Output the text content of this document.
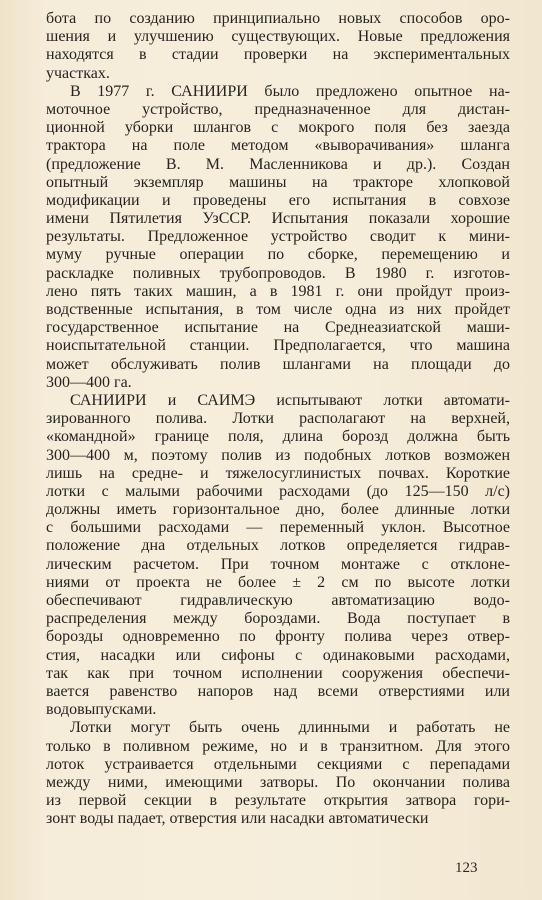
бота по созданию принципиально новых способов оро-
шения и улучшению существующих. Новые предложения
находятся в стадии проверки на экспериментальных
участках.
В 1977 г. САНИИРИ было предложено опытное на-
моточное устройство, предназначенное для дистан-
ционной уборки шлангов с мокрого поля без заезда
трактора на поле методом «выворачивания» шланга
(предложение В. М. Масленникова и др.). Создан
опытный экземпляр машины на тракторе хлопковой
модификации и проведены его испытания в совхозе
имени Пятилетия УзССР. Испытания показали хорошие
результаты. Предложенное устройство сводит к мини-
муму ручные операции по сборке, перемещению и
раскладке поливных трубопроводов. В 1980 г. изготов-
лено пять таких машин, а в 1981 г. они пройдут произ-
водственные испытания, в том числе одна из них пройдет
государственное испытание на Среднеазиатской маши-
ноиспытательной станции. Предполагается, что машина
может обслуживать полив шлангами на площади до
300—400 га.
САНИИРИ и САИМЭ испытывают лотки автомати-
зированного полива. Лотки располагают на верхней,
«командной» границе поля, длина борозд должна быть
300—400 м, поэтому полив из подобных лотков возможен
лишь на средне- и тяжелосуглинистых почвах. Короткие
лотки с малыми рабочими расходами (до 125—150 л/с)
должны иметь горизонтальное дно, более длинные лотки
с большими расходами — переменный уклон. Высотное
положение дна отдельных лотков определяется гидрав-
лическим расчетом. При точном монтаже с отклоне-
ниями от проекта не более ± 2 см по высоте лотки
обеспечивают гидравлическую автоматизацию водо-
распределения между бороздами. Вода поступает в
борозды одновременно по фронту полива через отвер-
стия, насадки или сифоны с одинаковыми расходами,
так как при точном исполнении сооружения обеспечи-
вается равенство напоров над всеми отверстиями или
водовыпусками.
Лотки могут быть очень длинными и работать не
только в поливном режиме, но и в транзитном. Для этого
лоток устраивается отдельными секциями с перепадами
между ними, имеющими затворы. По окончании полива
из первой секции в результате открытия затвора гори-
зонт воды падает, отверстия или насадки автоматически
123
